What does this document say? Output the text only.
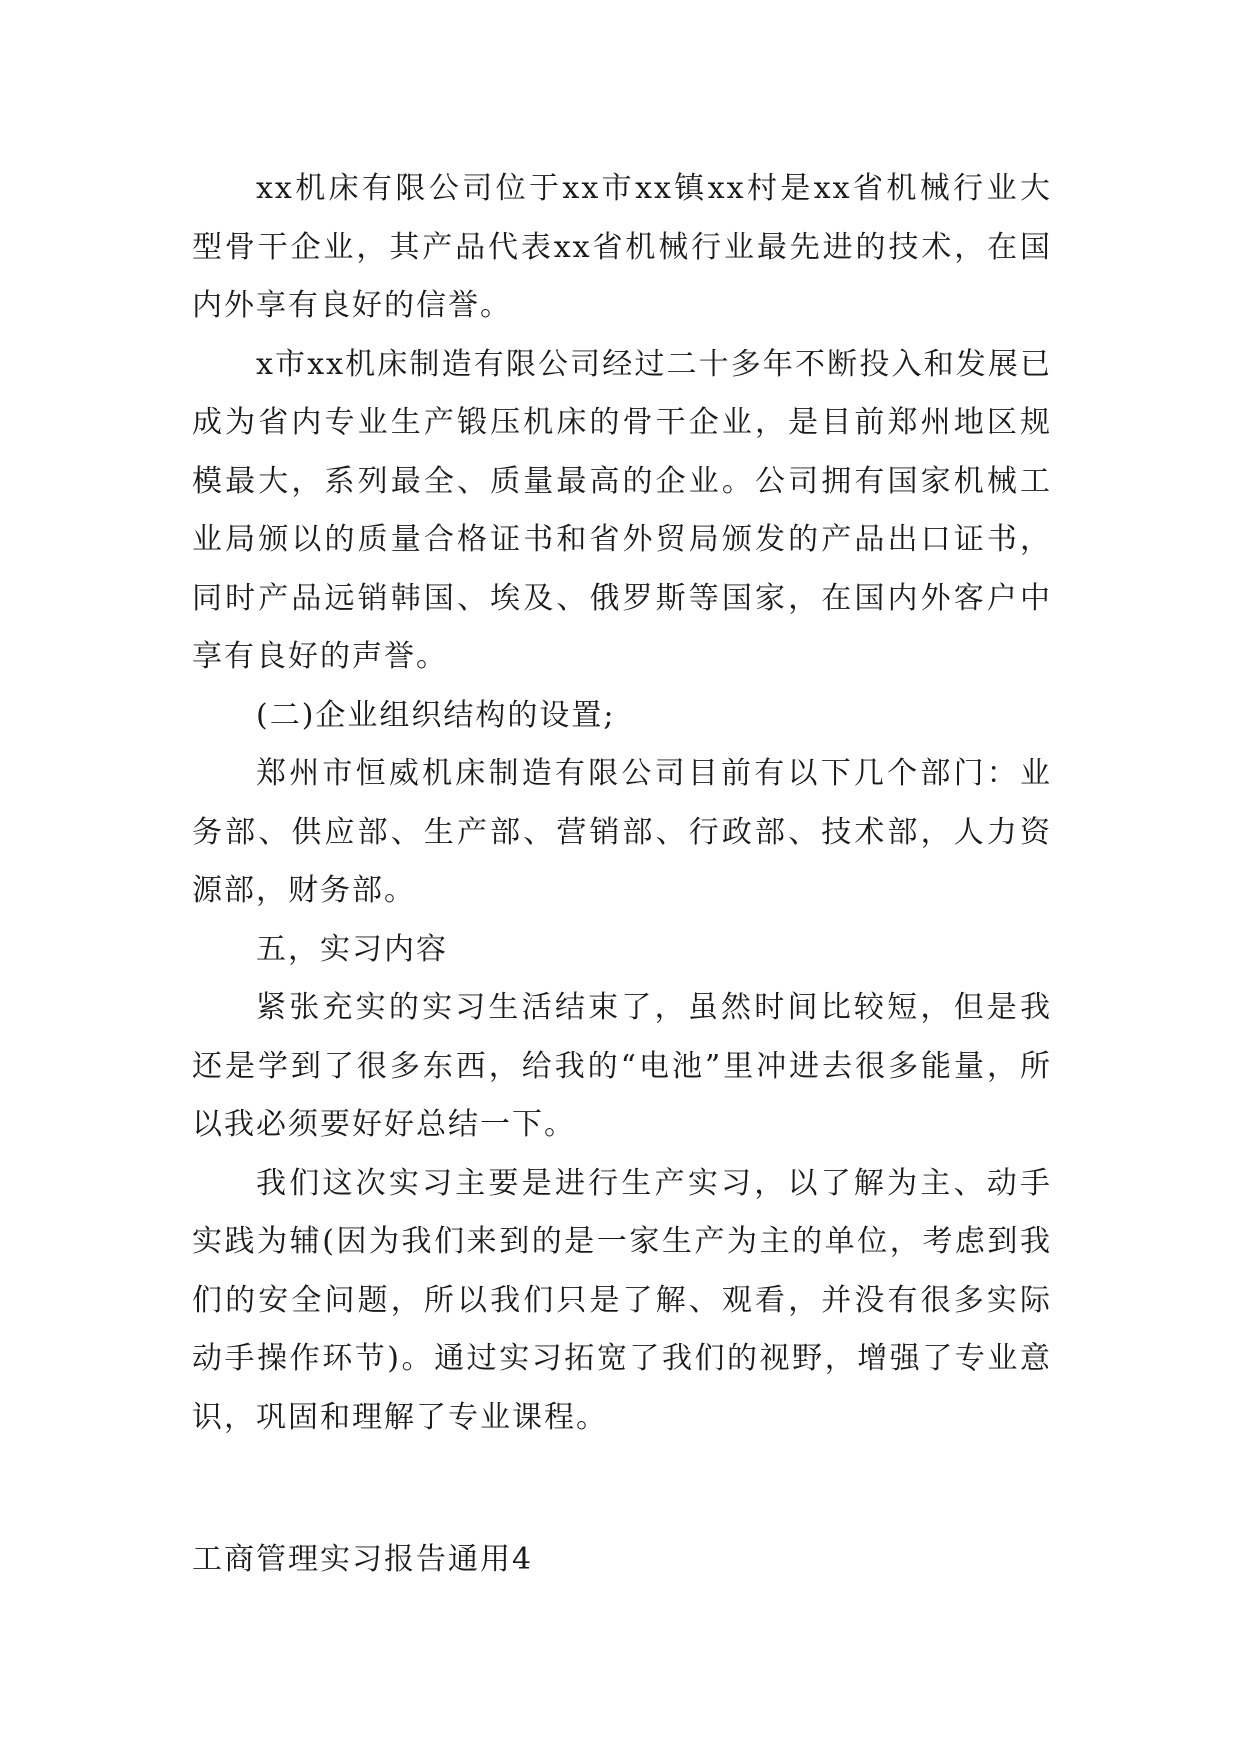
xx机床有限公司位于xx市xx镇xx村是xx省机械行业大型骨干企业，其产品代表xx省机械行业最先进的技术，在国内外享有良好的信誉。

x市xx机床制造有限公司经过二十多年不断投入和发展已成为省内专业生产锻压机床的骨干企业，是目前郑州地区规模最大，系列最全、质量最高的企业。公司拥有国家机械工业局颁以的质量合格证书和省外贸局颁发的产品出口证书，同时产品远销韩国、埃及、俄罗斯等国家，在国内外客户中享有良好的声誉。

(二)企业组织结构的设置;

郑州市恒威机床制造有限公司目前有以下几个部门：业务部、供应部、生产部、营销部、行政部、技术部，人力资源部，财务部。

五，实习内容

紧张充实的实习生活结束了，虽然时间比较短，但是我还是学到了很多东西，给我的“电池”里冲进去很多能量，所以我必须要好好总结一下。

我们这次实习主要是进行生产实习，以了解为主、动手实践为辅(因为我们来到的是一家生产为主的单位，考虑到我们的安全问题，所以我们只是了解、观看，并没有很多实际动手操作环节)。通过实习拓宽了我们的视野，增强了专业意识，巩固和理解了专业课程。

工商管理实习报告通用4
